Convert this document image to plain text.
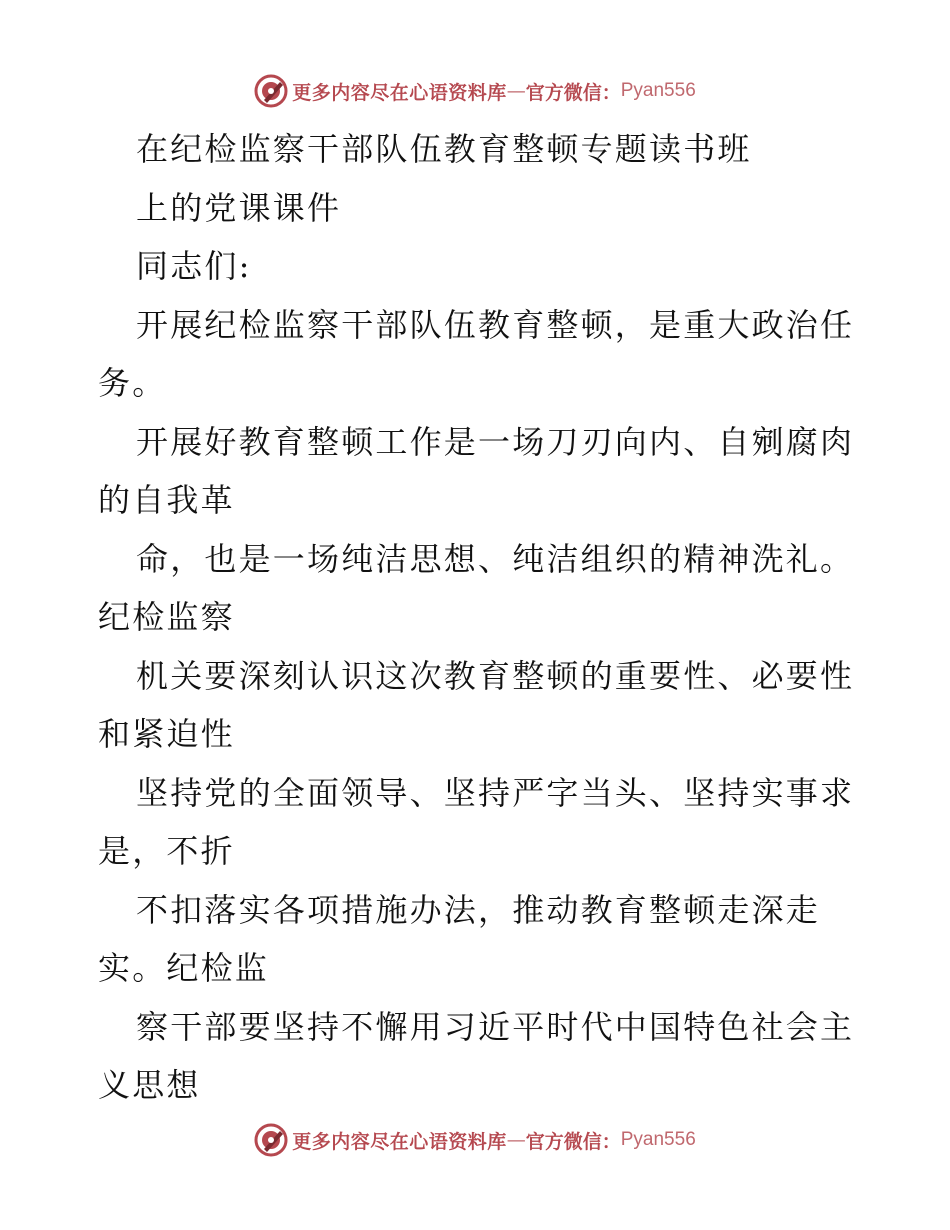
更多内容尽在心语资料库 — 官方微信： Pyan556
在纪检监察干部队伍教育整顿专题读书班
上的党课课件
同志们:
开展纪检监察干部队伍教育整顿，是重大政治任
务。
开展好教育整顿工作是一场刀刃向内、自剜腐肉
的自我革
命，也是一场纯洁思想、纯洁组织的精神洗礼。
纪检监察
机关要深刻认识这次教育整顿的重要性、必要性
和紧迫性
坚持党的全面领导、坚持严字当头、坚持实事求
是，不折
不扣落实各项措施办法，推动教育整顿走深走
实。纪检监
察干部要坚持不懈用习近平时代中国特色社会主
义思想
更多内容尽在心语资料库 — 官方微信： Pyan556
